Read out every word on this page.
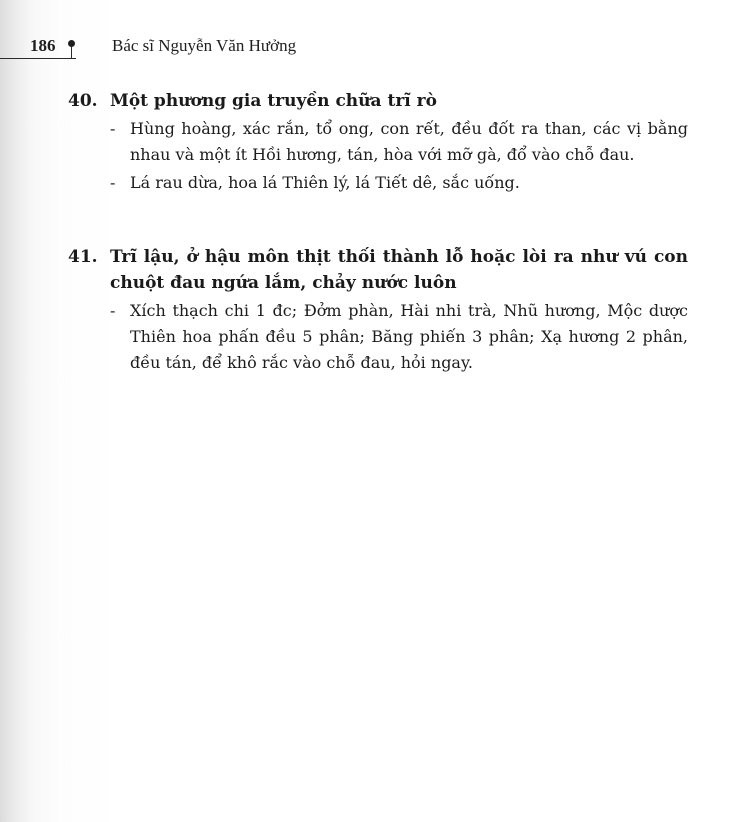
186	Bác sĩ Nguyễn Văn Hưởng
40. Một phương gia truyền chữa trĩ rò
- Hùng hoàng, xác rắn, tổ ong, con rết, đều đốt ra than, các vị bằng nhau và một ít Hồi hương, tán, hòa với mỡ gà, đổ vào chỗ đau.
- Lá rau dừa, hoa lá Thiên lý, lá Tiết dê, sắc uống.
41. Trĩ lậu, ở hậu môn thịt thối thành lỗ hoặc lòi ra như vú con chuột đau ngứa lắm, chảy nước luôn
- Xích thạch chi 1 đc; Đởm phàn, Hài nhi trà, Nhũ hương, Mộc dược Thiên hoa phấn đều 5 phân; Băng phiến 3 phân; Xạ hương 2 phân, đều tán, để khô rắc vào chỗ đau, hỏi ngay.
